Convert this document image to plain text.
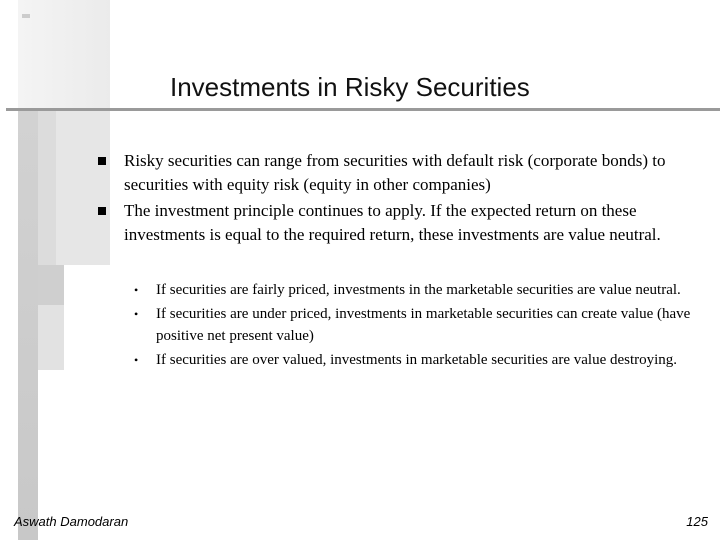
Investments in Risky Securities
Risky securities can range from securities with default risk (corporate bonds) to securities with equity risk (equity in other companies)
The investment principle continues to apply. If the expected return on these investments is equal to the required return, these investments are value neutral.
• If securities are fairly priced, investments in the marketable securities are value neutral.
• If securities are under priced, investments in marketable securities can create value (have positive net present value)
• If securities are over valued, investments in marketable securities are value destroying.
Aswath Damodaran	125
